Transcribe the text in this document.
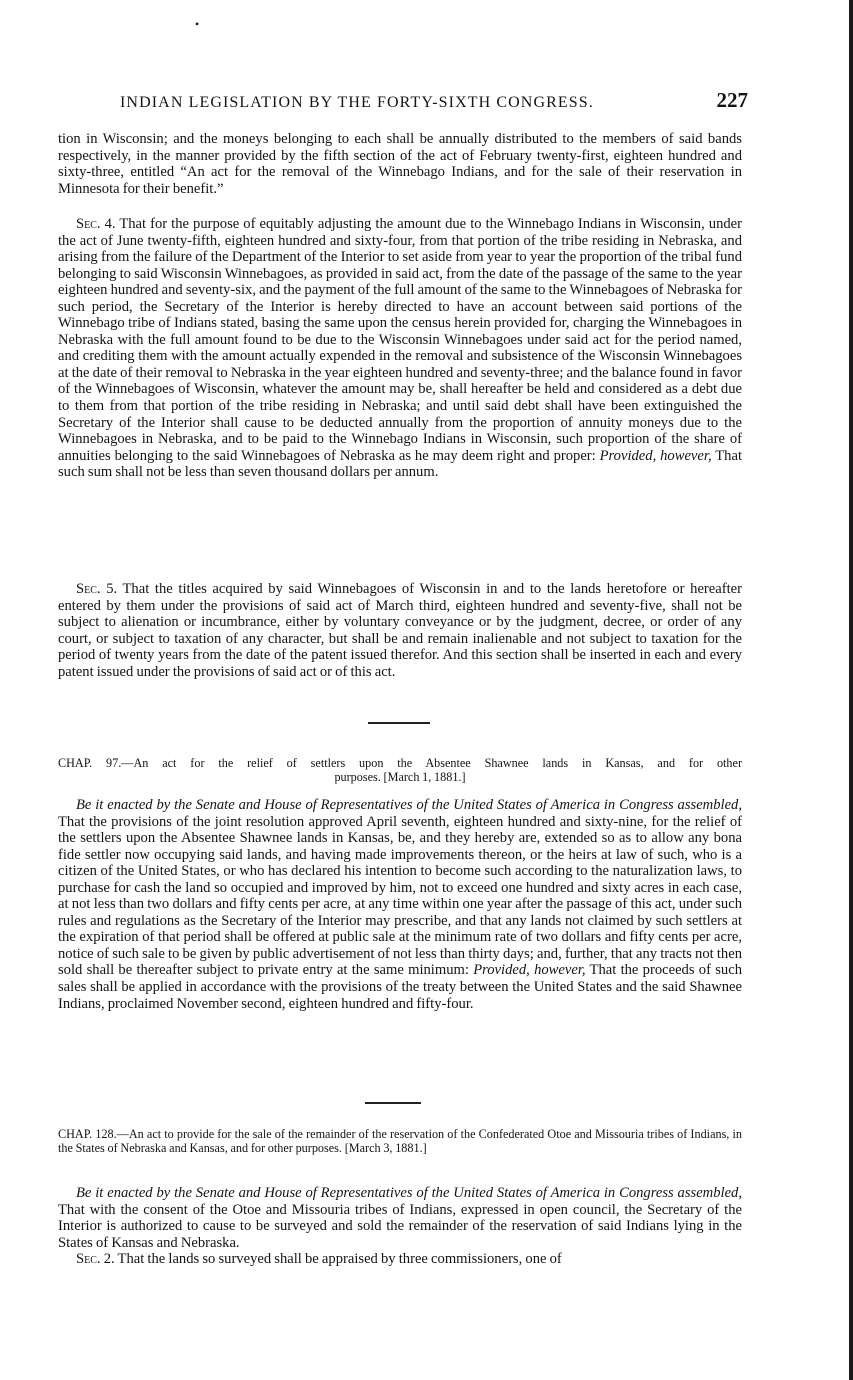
•
INDIAN LEGISLATION BY THE FORTY-SIXTH CONGRESS.	227

tion in Wisconsin; and the moneys belonging to each shall be annually distributed to the members of said bands respectively, in the manner provided by the fifth section of the act of February twenty-first, eighteen hundred and sixty-three, entitled “An act for the removal of the Winnebago Indians, and for the sale of their reservation in Minnesota for their benefit.”

Sec. 4. That for the purpose of equitably adjusting the amount due to the Winnebago Indians in Wisconsin, under the act of June twenty-fifth, eighteen hundred and sixty-four, from that portion of the tribe residing in Nebraska, and arising from the failure of the Department of the Interior to set aside from year to year the proportion of the tribal fund belonging to said Wisconsin Winnebagoes, as provided in said act, from the date of the passage of the same to the year eighteen hundred and seventy-six, and the payment of the full amount of the same to the Winnebagoes of Nebraska for such period, the Secretary of the Interior is hereby directed to have an account between said portions of the Winnebago tribe of Indians stated, basing the same upon the census herein provided for, charging the Winnebagoes in Nebraska with the full amount found to be due to the Wisconsin Winnebagoes under said act for the period named, and crediting them with the amount actually expended in the removal and subsistence of the Wisconsin Winnebagoes at the date of their removal to Nebraska in the year eighteen hundred and seventy-three; and the balance found in favor of the Winnebagoes of Wisconsin, whatever the amount may be, shall hereafter be held and considered as a debt due to them from that portion of the tribe residing in Nebraska; and until said debt shall have been extinguished the Secretary of the Interior shall cause to be deducted annually from the proportion of annuity moneys due to the Winnebagoes in Nebraska, and to be paid to the Winnebago Indians in Wisconsin, such proportion of the share of annuities belonging to the said Winnebagoes of Nebraska as he may deem right and proper: Provided, however, That such sum shall not be less than seven thousand dollars per annum.

Sec. 5. That the titles acquired by said Winnebagoes of Wisconsin in and to the lands heretofore or hereafter entered by them under the provisions of said act of March third, eighteen hundred and seventy-five, shall not be subject to alienation or incumbrance, either by voluntary conveyance or by the judgment, decree, or order of any court, or subject to taxation of any character, but shall be and remain inalienable and not subject to taxation for the period of twenty years from the date of the patent issued therefor. And this section shall be inserted in each and every patent issued under the provisions of said act or of this act.

CHAP. 97.—An act for the relief of settlers upon the Absentee Shawnee lands in Kansas, and for other

purposes. [March 1, 1881.]

Be it enacted by the Senate and House of Representatives of the United States of America in Congress assembled, That the provisions of the joint resolution approved April seventh, eighteen hundred and sixty-nine, for the relief of the settlers upon the Absentee Shawnee lands in Kansas, be, and they hereby are, extended so as to allow any bona fide settler now occupying said lands, and having made improvements thereon, or the heirs at law of such, who is a citizen of the United States, or who has declared his intention to become such according to the naturalization laws, to purchase for cash the land so occupied and improved by him, not to exceed one hundred and sixty acres in each case, at not less than two dollars and fifty cents per acre, at any time within one year after the passage of this act, under such rules and regulations as the Secretary of the Interior may prescribe, and that any lands not claimed by such settlers at the expiration of that period shall be offered at public sale at the minimum rate of two dollars and fifty cents per acre, notice of such sale to be given by public advertisement of not less than thirty days; and, further, that any tracts not then sold shall be thereafter subject to private entry at the same minimum: Provided, however, That the proceeds of such sales shall be applied in accordance with the provisions of the treaty between the United States and the said Shawnee Indians, proclaimed November second, eighteen hundred and fifty-four.

CHAP. 128.—An act to provide for the sale of the remainder of the reservation of the Confederated Otoe and Missouria tribes of Indians, in the States of Nebraska and Kansas, and for other purposes. [March 3, 1881.]

Be it enacted by the Senate and House of Representatives of the United States of America in Congress assembled, That with the consent of the Otoe and Missouria tribes of Indians, expressed in open council, the Secretary of the Interior is authorized to cause to be surveyed and sold the remainder of the reservation of said Indians lying in the States of Kansas and Nebraska.

Sec. 2. That the lands so surveyed shall be appraised by three commissioners, one of
